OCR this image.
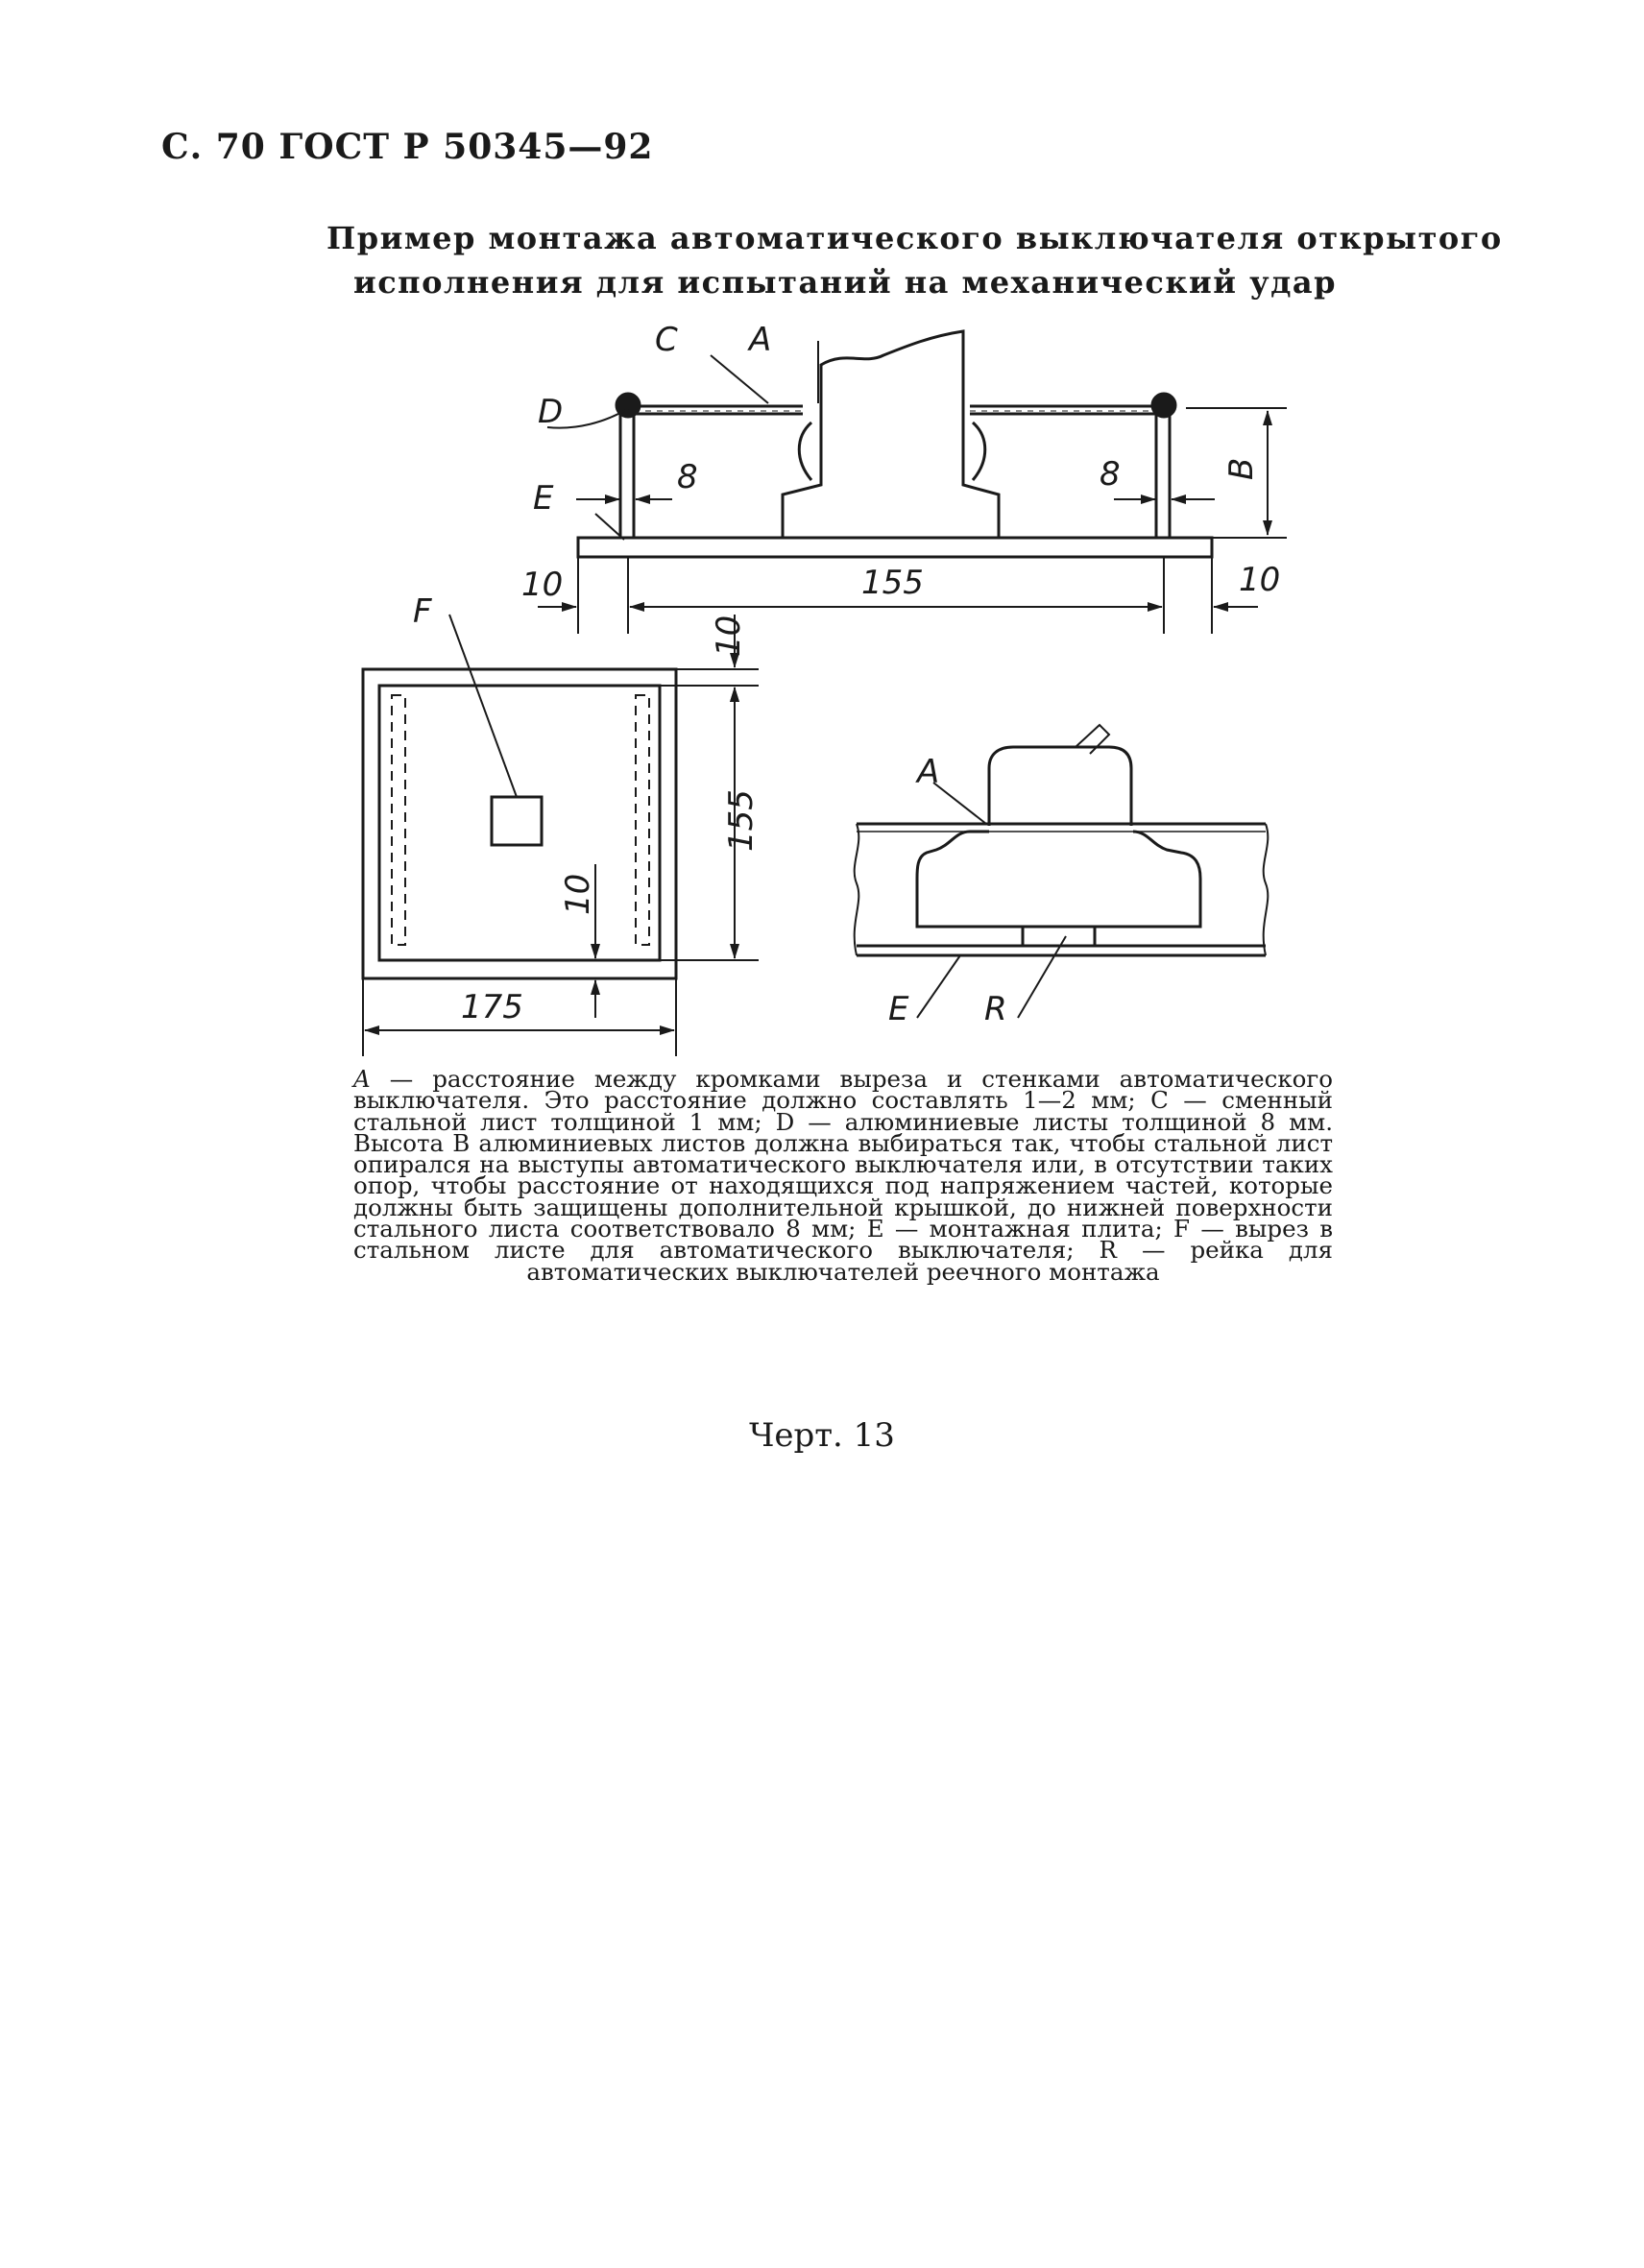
С. 70 ГОСТ Р 50345—92
Пример монтажа автоматического выключателя открытого
исполнения для испытаний на механический удар
A
C
D
E
B
8	8
10	155	10
F
10
155
10
175
A
E R
A — расстояние между кромками выреза и стенками автоматического выключателя. Это расстояние должно составлять 1—2 мм; С — сменный стальной лист толщиной 1 мм; D — алюминиевые листы толщиной 8 мм. Высота В алюминиевых листов должна выбираться так, чтобы стальной лист опирался на выступы автоматического выключателя или, в отсутствии таких опор, чтобы расстояние от находящихся под напряжением частей, которые должны быть защищены дополнительной крышкой, до нижней поверхности стального листа соответствовало 8 мм; Е — монтажная плита; F — вырез в стальном листе для автоматического выключателя; R — рейка для автоматических выключателей реечного монтажа
Черт. 13
